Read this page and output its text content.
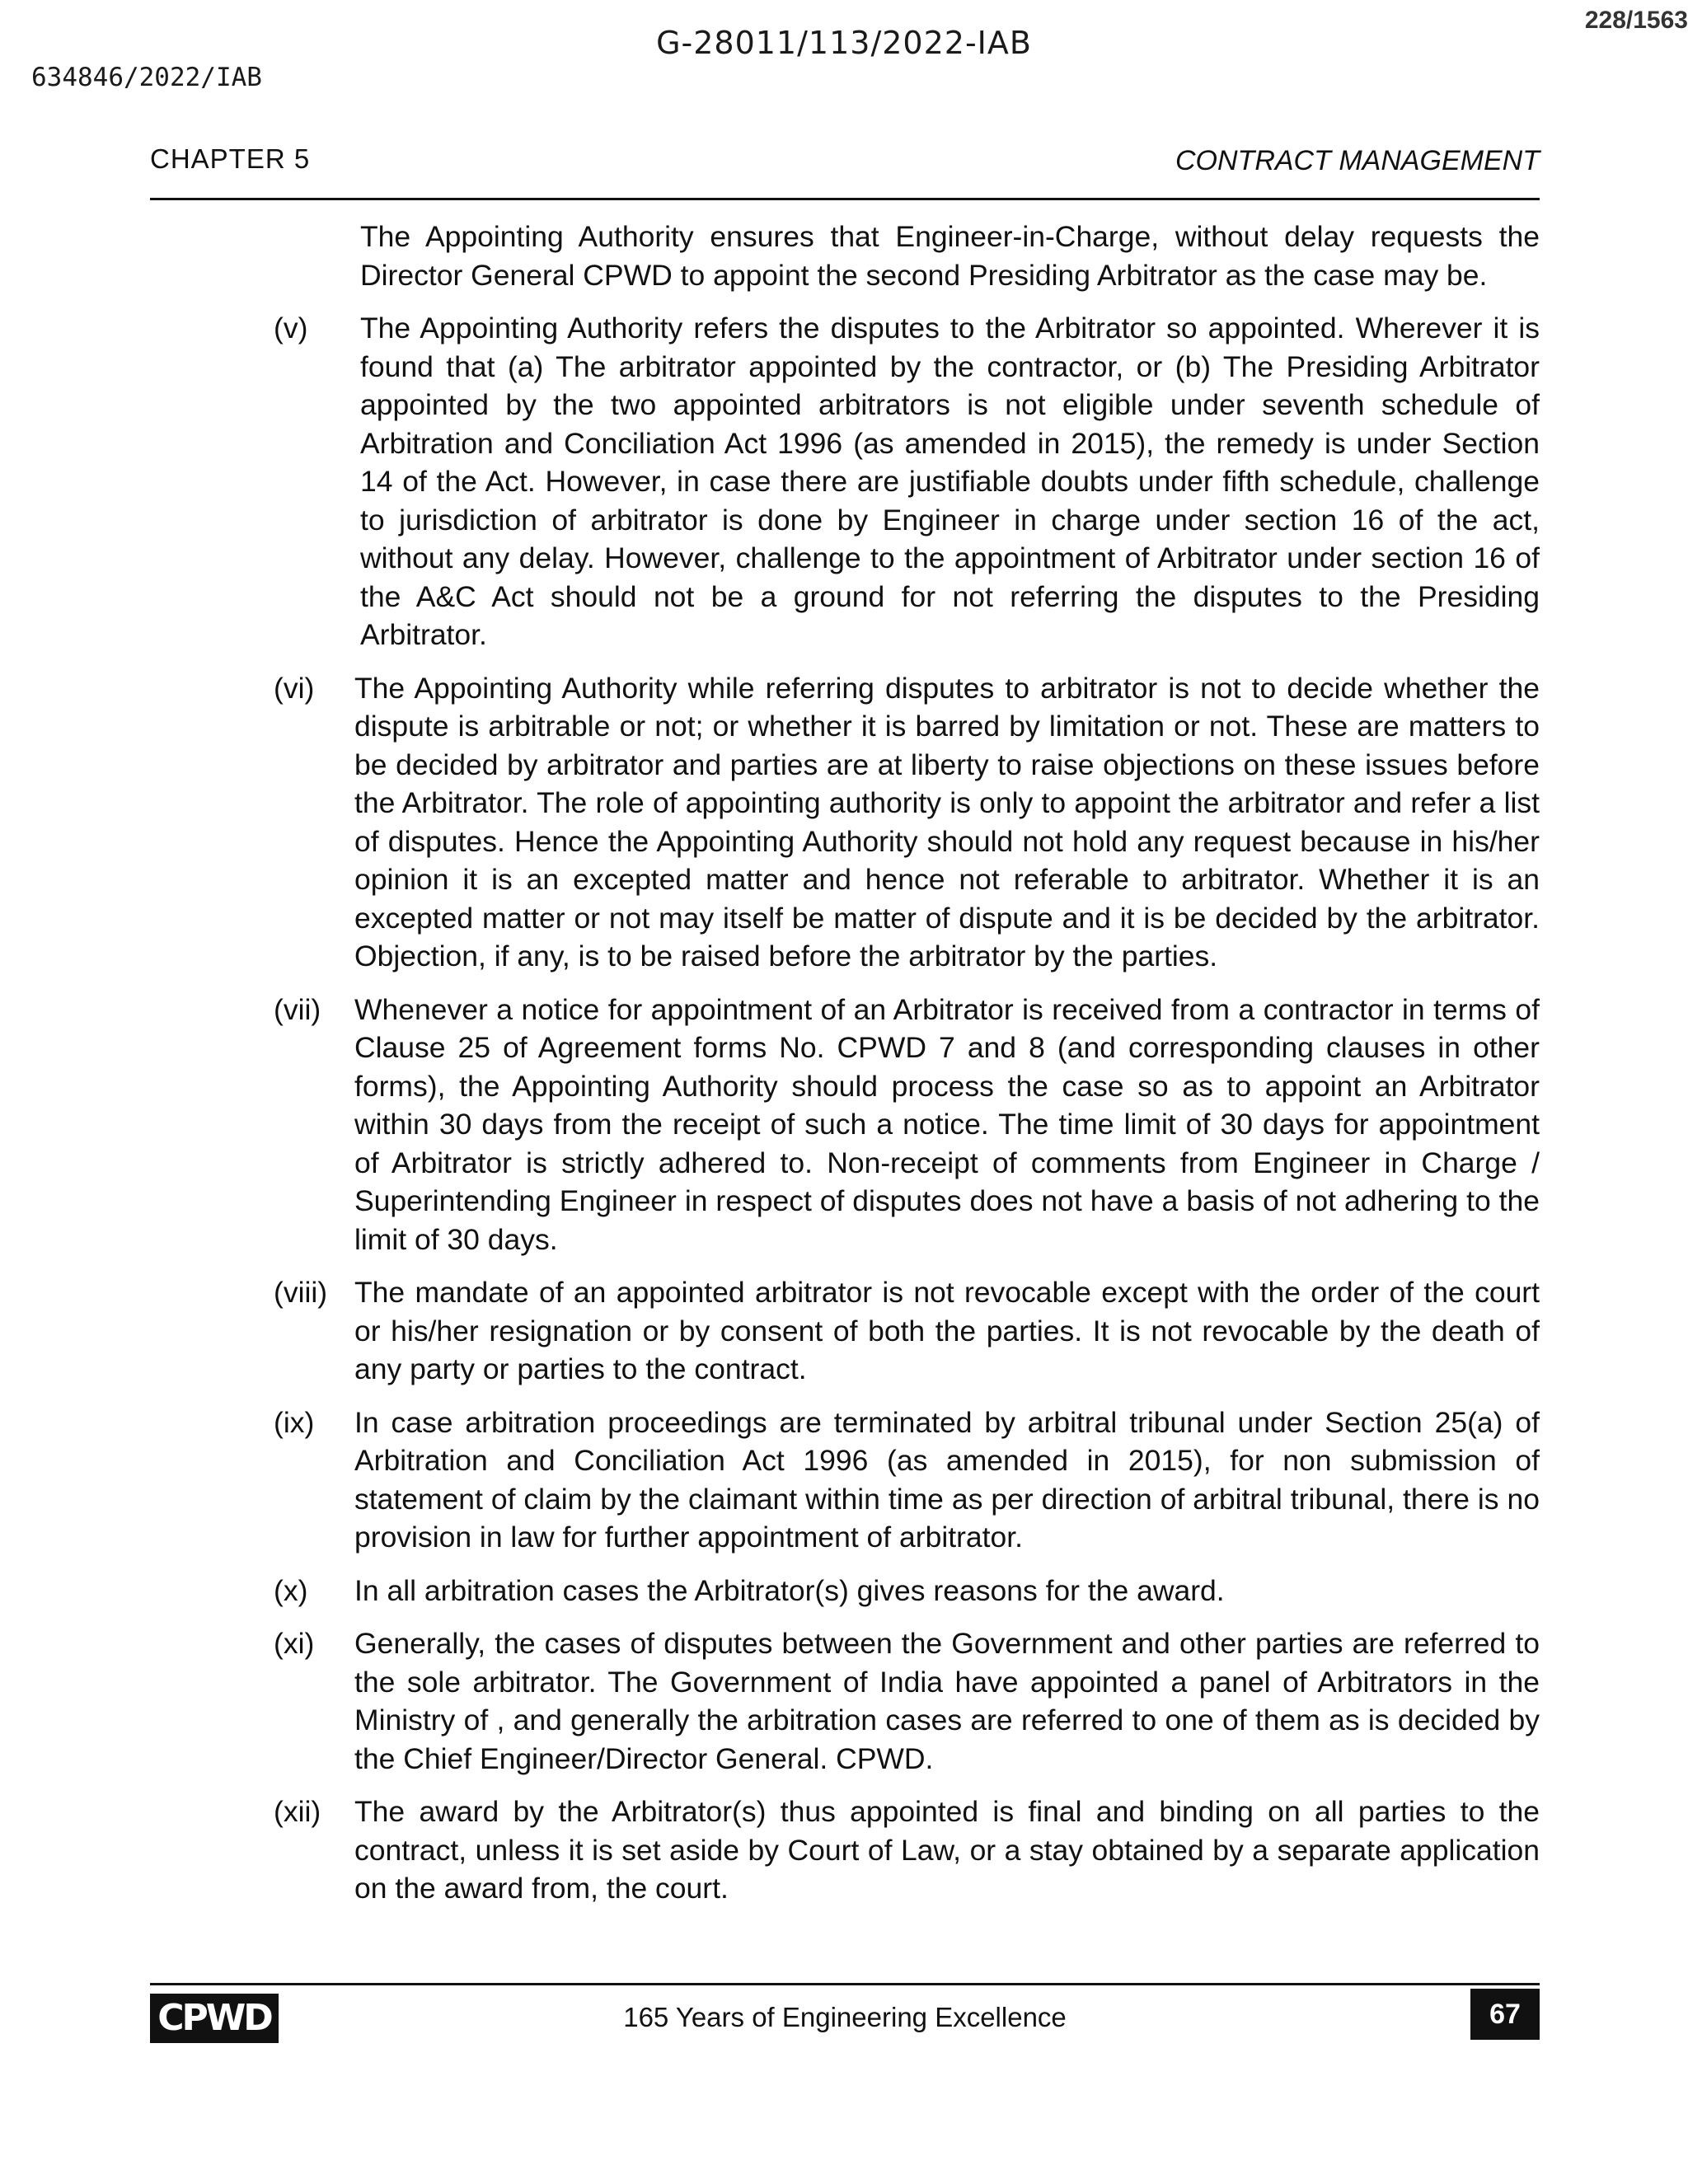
G-28011/113/2022-IAB
634846/2022/IAB
228/1563
CHAPTER 5	CONTRACT MANAGEMENT

The Appointing Authority ensures that Engineer-in-Charge, without delay requests the Director General CPWD to appoint the second Presiding Arbitrator as the case may be.

(v) The Appointing Authority refers the disputes to the Arbitrator so appointed. Wherever it is found that (a) The arbitrator appointed by the contractor, or (b) The Presiding Arbitrator appointed by the two appointed arbitrators is not eligible under seventh schedule of Arbitration and Conciliation Act 1996 (as amended in 2015), the remedy is under Section 14 of the Act. However, in case there are justifiable doubts under fifth schedule, challenge to jurisdiction of arbitrator is done by Engineer in charge under section 16 of the act, without any delay. However, challenge to the appointment of Arbitrator under section 16 of the A&C Act should not be a ground for not referring the disputes to the Presiding Arbitrator.
(vi) The Appointing Authority while referring disputes to arbitrator is not to decide whether the dispute is arbitrable or not; or whether it is barred by limitation or not. These are matters to be decided by arbitrator and parties are at liberty to raise objections on these issues before the Arbitrator. The role of appointing authority is only to appoint the arbitrator and refer a list of disputes. Hence the Appointing Authority should not hold any request because in his/her opinion it is an excepted matter and hence not referable to arbitrator. Whether it is an excepted matter or not may itself be matter of dispute and it is be decided by the arbitrator. Objection, if any, is to be raised before the arbitrator by the parties.
(vii) Whenever a notice for appointment of an Arbitrator is received from a contractor in terms of Clause 25 of Agreement forms No. CPWD 7 and 8 (and corresponding clauses in other forms), the Appointing Authority should process the case so as to appoint an Arbitrator within 30 days from the receipt of such a notice. The time limit of 30 days for appointment of Arbitrator is strictly adhered to. Non-receipt of comments from Engineer in Charge / Superintending Engineer in respect of disputes does not have a basis of not adhering to the limit of 30 days.
(viii) The mandate of an appointed arbitrator is not revocable except with the order of the court or his/her resignation or by consent of both the parties. It is not revocable by the death of any party or parties to the contract.
(ix) In case arbitration proceedings are terminated by arbitral tribunal under Section 25(a) of Arbitration and Conciliation Act 1996 (as amended in 2015), for non submission of statement of claim by the claimant within time as per direction of arbitral tribunal, there is no provision in law for further appointment of arbitrator.
(x) In all arbitration cases the Arbitrator(s) gives reasons for the award.
(xi) Generally, the cases of disputes between the Government and other parties are referred to the sole arbitrator. The Government of India have appointed a panel of Arbitrators in the Ministry of , and generally the arbitration cases are referred to one of them as is decided by the Chief Engineer/Director General. CPWD.
(xii) The award by the Arbitrator(s) thus appointed is final and binding on all parties to the contract, unless it is set aside by Court of Law, or a stay obtained by a separate application on the award from, the court.
CPWD	165 Years of Engineering Excellence	67
